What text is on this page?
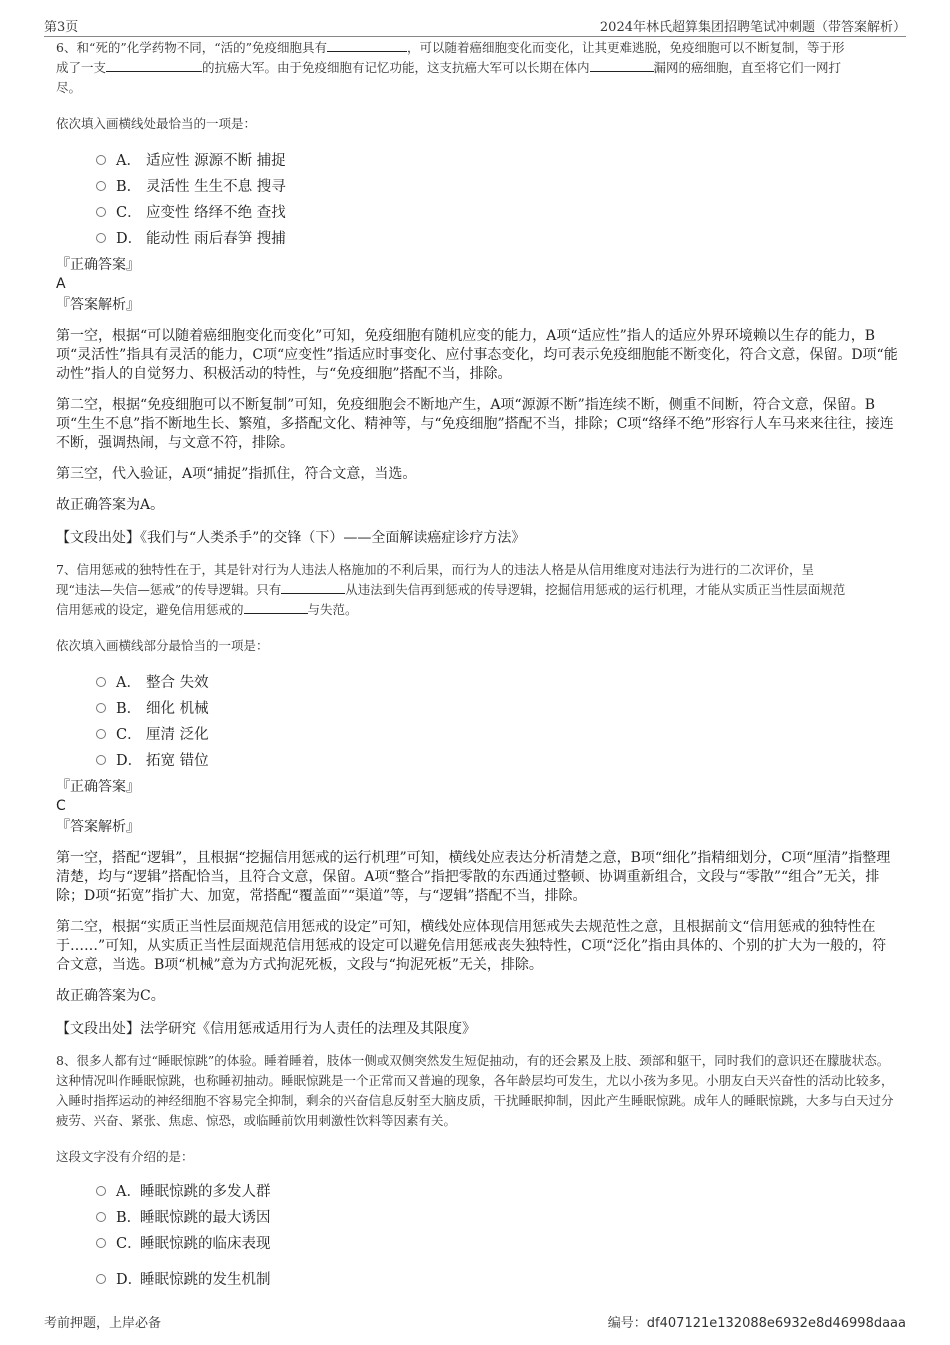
第3页	2024年林氏超算集团招聘笔试冲刺题（带答案解析）
6、和“死的”化学药物不同，“活的”免疫细胞具有	，可以随着癌细胞变化而变化，让其更难逃脱，免疫细胞可以不断复制，等于形
成了一支	的抗癌大军。由于免疫细胞有记忆功能，这支抗癌大军可以长期在体内	漏网的癌细胞，直至将它们一网打
尽。
依次填入画横线处最恰当的一项是：
A． 适应性 源源不断 捕捉
B． 灵活性 生生不息 搜寻
C． 应变性 络绎不绝 查找
D． 能动性 雨后春笋 搜捕
『正确答案』
A
『答案解析』
第一空，根据“可以随着癌细胞变化而变化”可知，免疫细胞有随机应变的能力，A项“适应性”指人的适应外界环境赖以生存的能力，B项“灵活性”指具有灵活的能力，C项“应变性”指适应时事变化、应付事态变化，均可表示免疫细胞能不断变化，符合文意，保留。D项“能动性”指人的自觉努力、积极活动的特性，与“免疫细胞”搭配不当，排除。
第二空，根据“免疫细胞可以不断复制”可知，免疫细胞会不断地产生，A项“源源不断”指连续不断，侧重不间断，符合文意，保留。B项“生生不息”指不断地生长、繁殖，多搭配文化、精神等，与“免疫细胞”搭配不当，排除；C项“络绎不绝”形容行人车马来来往往，接连不断，强调热闹，与文意不符，排除。
第三空，代入验证，A项“捕捉”指抓住，符合文意，当选。
故正确答案为A。
【文段出处】《我们与“人类杀手”的交锋（下）——全面解读癌症诊疗方法》
7、信用惩戒的独特性在于，其是针对行为人违法人格施加的不利后果，而行为人的违法人格是从信用维度对违法行为进行的二次评价，呈
现“违法—失信—惩戒”的传导逻辑。只有	从违法到失信再到惩戒的传导逻辑，挖掘信用惩戒的运行机理，才能从实质正当性层面规范
信用惩戒的设定，避免信用惩戒的	与失范。
依次填入画横线部分最恰当的一项是：
A． 整合 失效
B． 细化 机械
C． 厘清 泛化
D． 拓宽 错位
『正确答案』
C
『答案解析』
第一空，搭配“逻辑”，且根据“挖掘信用惩戒的运行机理”可知，横线处应表达分析清楚之意，B项“细化”指精细划分，C项“厘清”指整理清楚，均与“逻辑”搭配恰当，且符合文意，保留。A项“整合”指把零散的东西通过整顿、协调重新组合，文段与“零散”“组合”无关，排除；D项“拓宽”指扩大、加宽，常搭配“覆盖面”“渠道”等，与“逻辑”搭配不当，排除。
第二空，根据“实质正当性层面规范信用惩戒的设定”可知，横线处应体现信用惩戒失去规范性之意，且根据前文“信用惩戒的独特性在于……”可知，从实质正当性层面规范信用惩戒的设定可以避免信用惩戒丧失独特性，C项“泛化”指由具体的、个别的扩大为一般的，符合文意，当选。B项“机械”意为方式拘泥死板，文段与“拘泥死板”无关，排除。
故正确答案为C。
【文段出处】法学研究《信用惩戒适用行为人责任的法理及其限度》
8、很多人都有过“睡眠惊跳”的体验。睡着睡着，肢体一侧或双侧突然发生短促抽动，有的还会累及上肢、颈部和躯干，同时我们的意识还在朦胧状态。这种情况叫作睡眠惊跳，也称睡初抽动。睡眠惊跳是一个正常而又普遍的现象，各年龄层均可发生，尤以小孩为多见。小朋友白天兴奋性的活动比较多，入睡时指挥运动的神经细胞不容易完全抑制，剩余的兴奋信息反射至大脑皮质，干扰睡眠抑制，因此产生睡眠惊跳。成年人的睡眠惊跳，大多与白天过分疲劳、兴奋、紧张、焦虑、惊恐，或临睡前饮用刺激性饮料等因素有关。
这段文字没有介绍的是：
A．睡眠惊跳的多发人群
B．睡眠惊跳的最大诱因
C．睡眠惊跳的临床表现
D．睡眠惊跳的发生机制
考前押题，上岸必备	编号：df407121e132088e6932e8d46998daaa
